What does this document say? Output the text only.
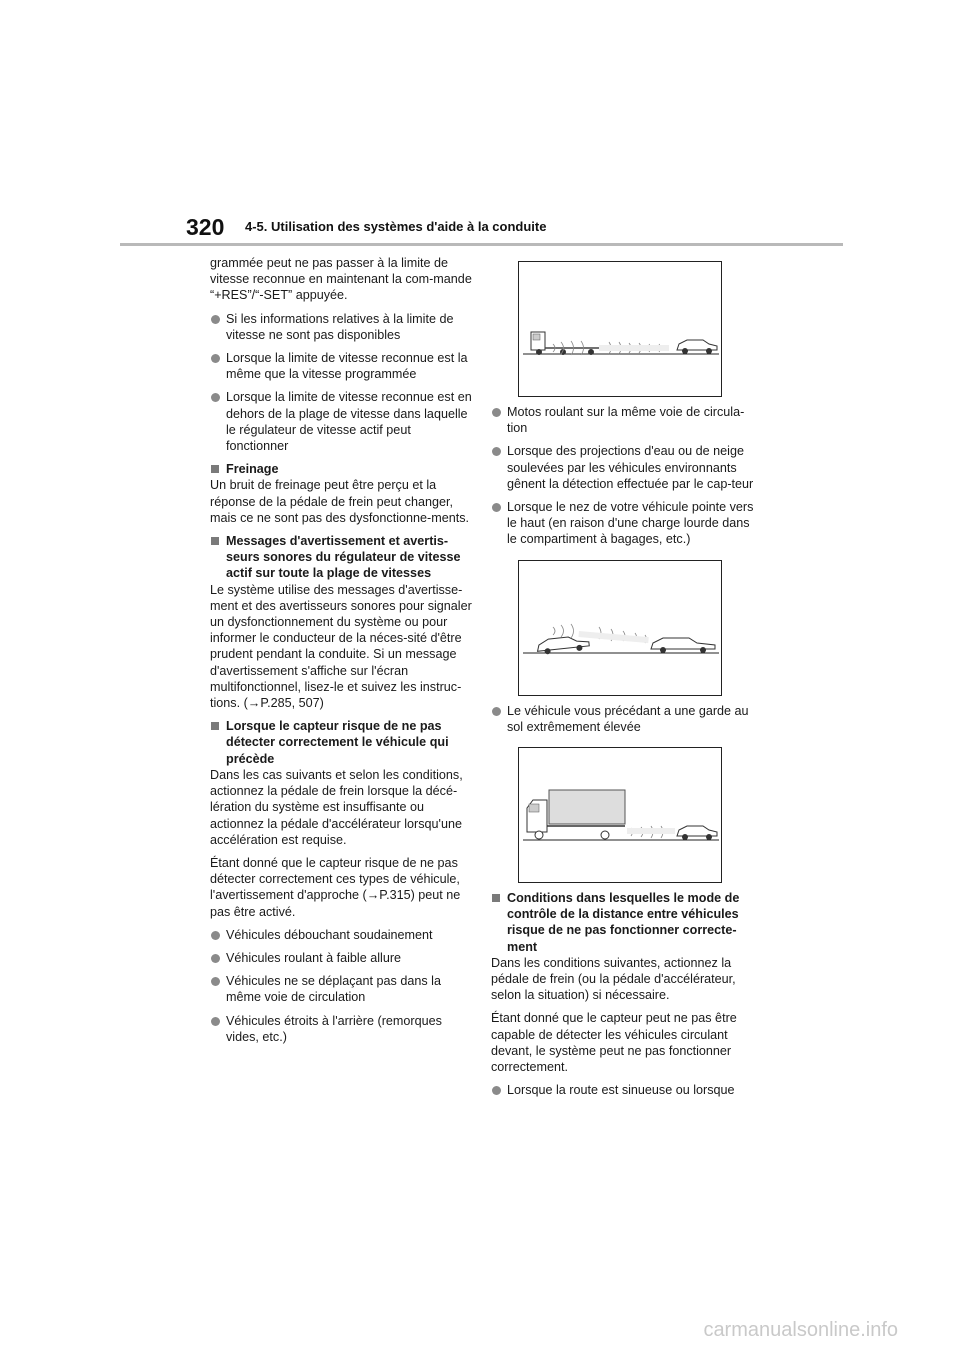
320 4-5. Utilisation des systèmes d'aide à la conduite

grammée peut ne pas passer à la limite de vitesse reconnue en maintenant la com-mande “+RES”/“-SET” appuyée.

Si les informations relatives à la limite de vitesse ne sont pas disponibles
Lorsque la limite de vitesse reconnue est la même que la vitesse programmée
Lorsque la limite de vitesse reconnue est en dehors de la plage de vitesse dans laquelle le régulateur de vitesse actif peut fonctionner
Freinage

Un bruit de freinage peut être perçu et la réponse de la pédale de frein peut changer, mais ce ne sont pas des dysfonctionne-ments.

Messages d'avertissement et avertis-seurs sonores du régulateur de vitesse actif sur toute la plage de vitesses

Le système utilise des messages d'avertisse-ment et des avertisseurs sonores pour signaler un dysfonctionnement du système ou pour informer le conducteur de la néces-sité d'être prudent pendant la conduite. Si un message d'avertissement s'affiche sur l'écran multifonctionnel, lisez-le et suivez les instruc-tions. (→P.285, 507)

Lorsque le capteur risque de ne pas détecter correctement le véhicule qui précède

Dans les cas suivants et selon les conditions, actionnez la pédale de frein lorsque la décé-lération du système est insuffisante ou actionnez la pédale d'accélérateur lorsqu'une accélération est requise.

Étant donné que le capteur risque de ne pas détecter correctement ces types de véhicule, l'avertissement d'approche (→P.315) peut ne pas être activé.

Véhicules débouchant soudainement
Véhicules roulant à faible allure
Véhicules ne se déplaçant pas dans la même voie de circulation
Véhicules étroits à l'arrière (remorques vides, etc.)
Motos roulant sur la même voie de circula-tion
Lorsque des projections d'eau ou de neige soulevées par les véhicules environnants gênent la détection effectuée par le cap-teur
Lorsque le nez de votre véhicule pointe vers le haut (en raison d'une charge lourde dans le compartiment à bagages, etc.)
Le véhicule vous précédant a une garde au sol extrêmement élevée
Conditions dans lesquelles le mode de contrôle de la distance entre véhicules risque de ne pas fonctionner correcte-ment

Dans les conditions suivantes, actionnez la pédale de frein (ou la pédale d'accélérateur, selon la situation) si nécessaire.

Étant donné que le capteur peut ne pas être capable de détecter les véhicules circulant devant, le système peut ne pas fonctionner correctement.

Lorsque la route est sinueuse ou lorsque
carmanualsonline.info
